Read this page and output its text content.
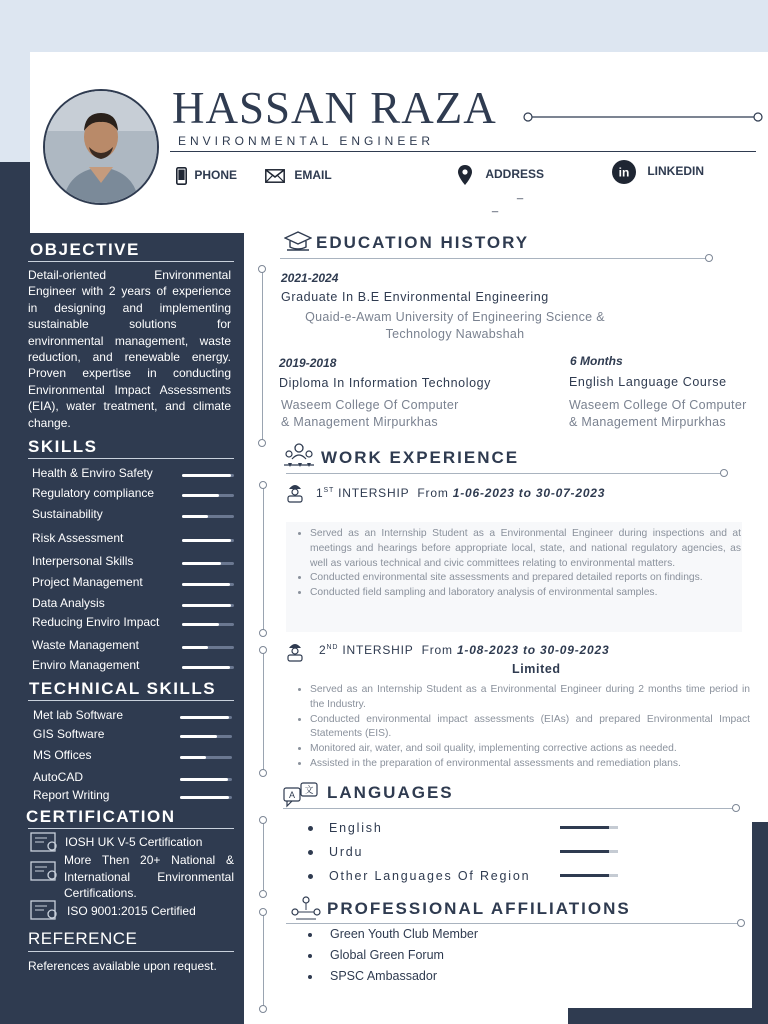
HASSAN RAZA
ENVIRONMENTAL ENGINEER
PHONE	EMAIL	ADDRESS
_
_
in LINKEDIN
OBJECTIVE
Detail-oriented Environmental Engineer with 2 years of experience in designing and implementing sustainable solutions for environmental management, waste reduction, and renewable energy. Proven expertise in conducting Environmental Impact Assessments (EIA), water treatment, and climate change.
SKILLS
Health & Enviro Safety
Regulatory compliance
Sustainability
Risk Assessment
Interpersonal Skills
Project Management
Data Analysis
Reducing Enviro Impact
Waste Management
Enviro Management
TECHNICAL SKILLS
Met lab Software
GIS Software
MS Offices
AutoCAD
Report Writing
CERTIFICATION
IOSH UK V-5 Certification
More Then 20+ National & International Environmental Certifications.
ISO 9001:2015 Certified
REFERENCE
References available upon request.
EDUCATION HISTORY
2021-2024
Graduate In B.E Environmental Engineering
Quaid-e-Awam University of Engineering Science &
Technology Nawabshah
2019-2018
Diploma In Information Technology
Waseem College Of Computer
& Management Mirpurkhas
6 Months
English Language Course
Waseem College Of Computer
& Management Mirpurkhas
WORK EXPERIENCE
1ST INTERSHIP  From 1-06-2023 to 30-07-2023
• Served as an Internship Student as a Environmental Engineer during inspections and at meetings and hearings before appropriate local, state, and national regulatory agencies, as well as various technical and civic committees relating to environmental matters.
• Conducted environmental site assessments and prepared detailed reports on findings.
• Conducted field sampling and laboratory analysis of environmental samples.
2ND INTERSHIP  From 1-08-2023 to 30-09-2023
Limited
• Served as an Internship Student as a Environmental Engineer during 2 months time period in the Industry.
• Conducted environmental impact assessments (EIAs) and prepared Environmental Impact Statements (EIS).
• Monitored air, water, and soil quality, implementing corrective actions as needed.
• Assisted in the preparation of environmental assessments and remediation plans.
A 文 LANGUAGES
English
Urdu
Other Languages Of Region
PROFESSIONAL AFFILIATIONS
Green Youth Club Member
Global Green Forum
SPSC Ambassador
